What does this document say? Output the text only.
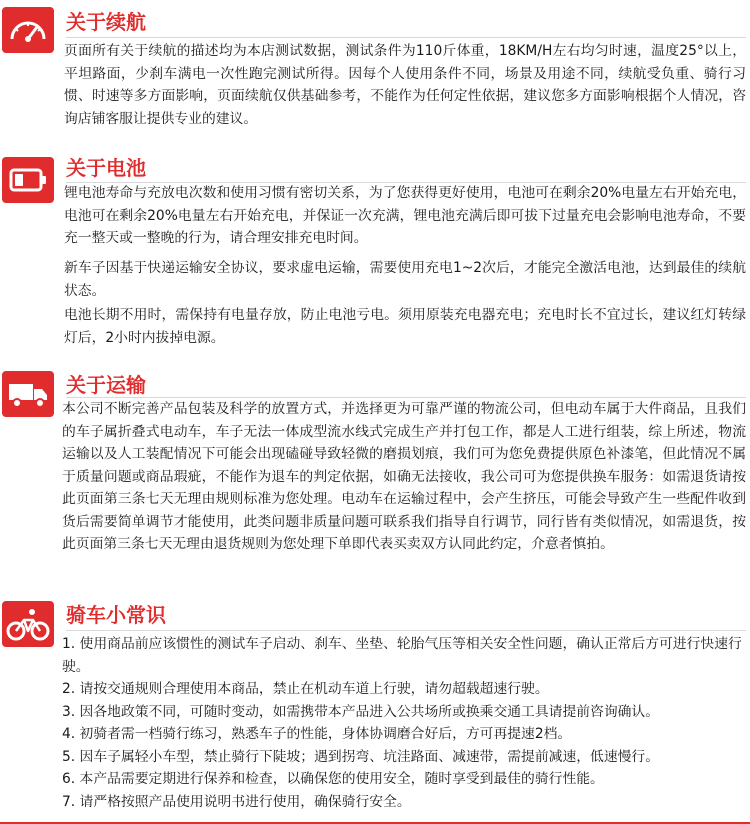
关于续航

页面所有关于续航的描述均为本店测试数据，测试条件为110斤体重，18KM/H左右均匀时速，温度25°以上，平坦路面，少刹车满电一次性跑完测试所得。因每个人使用条件不同，场景及用途不同，续航受负重、骑行习惯、时速等多方面影响，页面续航仅供基础参考，不能作为任何定性依据，建议您多方面影响根据个人情况，咨询店铺客服让提供专业的建议。

关于电池

锂电池寿命与充放电次数和使用习惯有密切关系，为了您获得更好使用，电池可在剩余20%电量左右开始充电，电池可在剩余20%电量左右开始充电，并保证一次充满，锂电池充满后即可拔下过量充电会影响电池寿命，不要充一整天或一整晚的行为，请合理安排充电时间。

新车子因基于快递运输安全协议，要求虚电运输，需要使用充电1~2次后，才能完全激活电池，达到最佳的续航状态。

电池长期不用时，需保持有电量存放，防止电池亏电。须用原装充电器充电；充电时长不宜过长，建议红灯转绿灯后，2小时内拔掉电源。

关于运输

本公司不断完善产品包装及科学的放置方式，并选择更为可靠严谨的物流公司，但电动车属于大件商品，且我们的车子属折叠式电动车，车子无法一体成型流水线式完成生产并打包工作，都是人工进行组装，综上所述，物流运输以及人工装配情况下可能会出现磕碰导致轻微的磨损划痕，我们可为您免费提供原色补漆笔，但此情况不属于质量问题或商品瑕疵，不能作为退车的判定依据，如确无法接收，我公司可为您提供换车服务：如需退货请按此页面第三条七天无理由规则标准为您处理。电动车在运输过程中，会产生挤压，可能会导致产生一些配件收到货后需要简单调节才能使用，此类问题非质量问题可联系我们指导自行调节，同行皆有类似情况，如需退货，按此页面第三条七天无理由退货规则为您处理下单即代表买卖双方认同此约定，介意者慎拍。

骑车小常识
1. 使用商品前应该惯性的测试车子启动、刹车、坐垫、轮胎气压等相关安全性问题，确认正常后方可进行快速行驶。
2. 请按交通规则合理使用本商品，禁止在机动车道上行驶，请勿超载超速行驶。
3. 因各地政策不同，可随时变动，如需携带本产品进入公共场所或换乘交通工具请提前咨询确认。
4. 初骑者需一档骑行练习，熟悉车子的性能，身体协调磨合好后，方可再提速2档。
5. 因车子属轻小车型，禁止骑行下陡坡；遇到拐弯、坑洼路面、减速带，需提前减速，低速慢行。
6. 本产品需要定期进行保养和检查，以确保您的使用安全，随时享受到最佳的骑行性能。
7. 请严格按照产品使用说明书进行使用，确保骑行安全。
